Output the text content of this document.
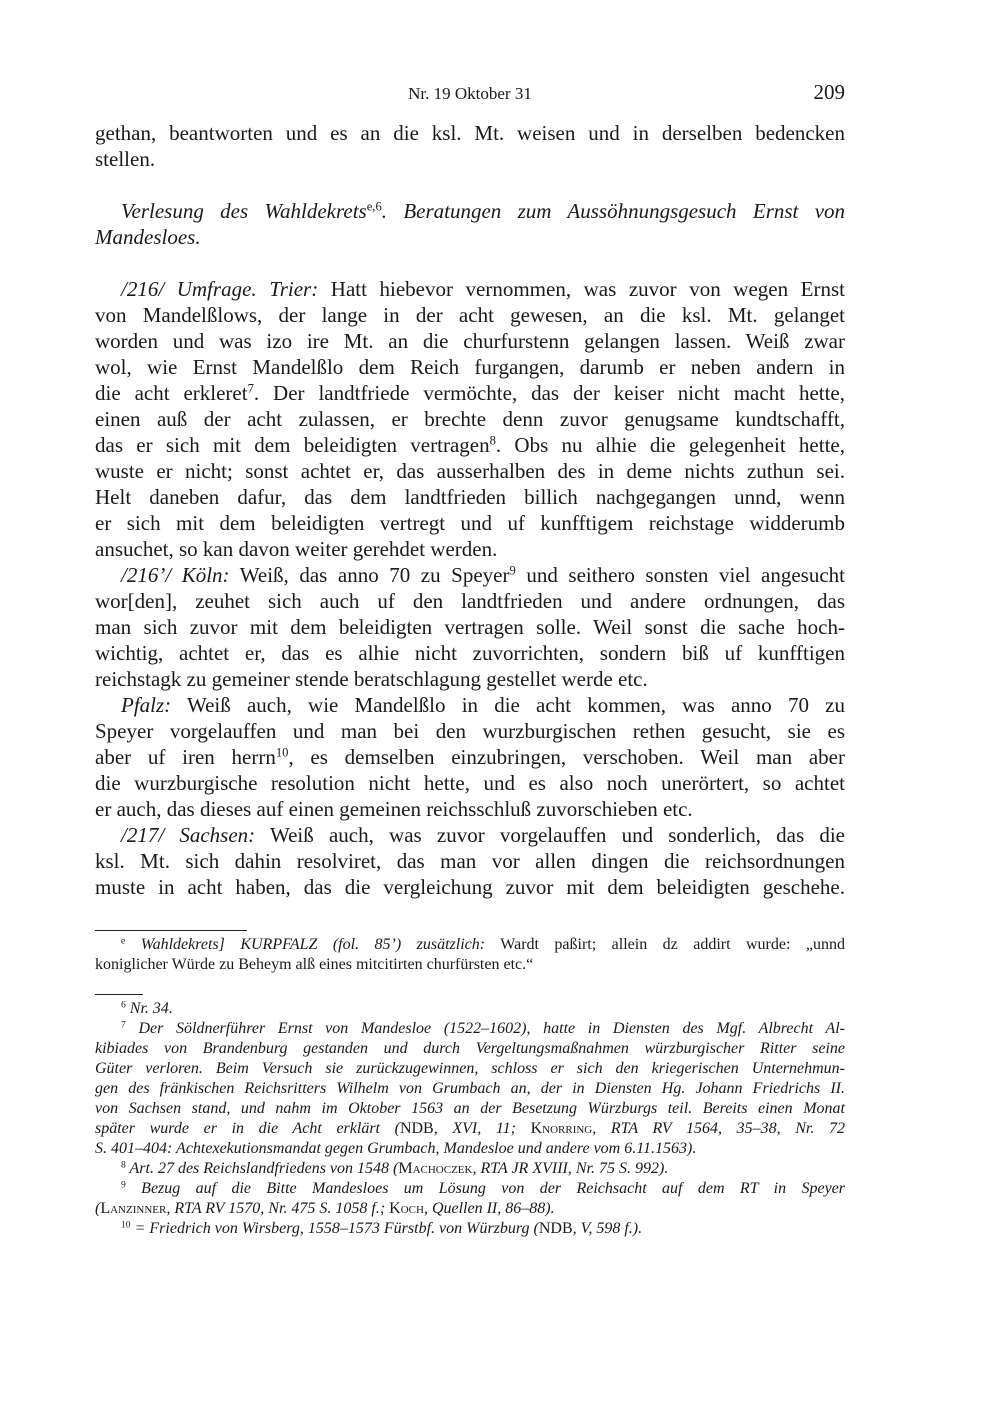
Nr. 19 Oktober 31	209
gethan, beantworten und es an die ksl. Mt. weisen und in derselben bedencken
stellen.
Verlesung des Wahldekrets$^{e,6}$. Beratungen zum Aussöhnungsgesuch Ernst von
Mandesloes.
/216/ Umfrage. Trier: Hatt hiebevor vernommen, was zuvor von wegen Ernst
von Mandelßlows, der lange in der acht gewesen, an die ksl. Mt. gelanget
worden und was izo ire Mt. an die churfurstenn gelangen lassen. Weiß zwar
wol, wie Ernst Mandelßlo dem Reich furgangen, darumb er neben andern in
die acht erkleret$^7$. Der landtfriede vermöchte, das der keiser nicht macht hette,
einen auß der acht zulassen, er brechte denn zuvor genugsame kundtschafft,
das er sich mit dem beleidigten vertragen$^8$. Obs nu alhie die gelegenheit hette,
wuste er nicht; sonst achtet er, das ausserhalben des in deme nichts zuthun sei.
Helt daneben dafur, das dem landtfrieden billich nachgegangen unnd, wenn
er sich mit dem beleidigten vertregt und uf kunfftigem reichstage widderumb
ansuchet, so kan davon weiter gerehdet werden.
/216’/ Köln: Weiß, das anno 70 zu Speyer$^9$ und seithero sonsten viel angesucht
wor[den], zeuhet sich auch uf den landtfrieden und andere ordnungen, das
man sich zuvor mit dem beleidigten vertragen solle. Weil sonst die sache hoch-
wichtig, achtet er, das es alhie nicht zuvorrichten, sondern biß uf kunfftigen
reichstagk zu gemeiner stende beratschlagung gestellet werde etc.
Pfalz: Weiß auch, wie Mandelßlo in die acht kommen, was anno 70 zu
Speyer vorgelauffen und man bei den wurzburgischen rethen gesucht, sie es
aber uf iren herrn$^{10}$, es demselben einzubringen, verschoben. Weil man aber
die wurzburgische resolution nicht hette, und es also noch unerörtert, so achtet
er auch, das dieses auf einen gemeinen reichsschluß zuvorschieben etc.
/217/ Sachsen: Weiß auch, was zuvor vorgelauffen und sonderlich, das die
ksl. Mt. sich dahin resolviret, das man vor allen dingen die reichsordnungen
muste in acht haben, das die vergleichung zuvor mit dem beleidigten geschehe.
$^e$ Wahldekrets] KURPFALZ (fol. 85’) zusätzlich: Wardt paßirt; allein dz addirt wurde: „unnd
koniglicher Würde zu Beheym alß eines mitcitirten churfürsten etc.“
$^6$ Nr. 34.
$^7$ Der Söldnerführer Ernst von Mandesloe (1522–1602), hatte in Diensten des Mgf. Albrecht Al-
kibiades von Brandenburg gestanden und durch Vergeltungsmaßnahmen würzburgischer Ritter seine
Güter verloren. Beim Versuch sie zurückzugewinnen, schloss er sich den kriegerischen Unternehmun-
gen des fränkischen Reichsritters Wilhelm von Grumbach an, der in Diensten Hg. Johann Friedrichs II.
von Sachsen stand, und nahm im Oktober 1563 an der Besetzung Würzburgs teil. Bereits einen Monat
später wurde er in die Acht erklärt (NDB, XVI, 11; Knorring, RTA RV 1564, 35–38, Nr. 72
S. 401–404: Achtexekutionsmandat gegen Grumbach, Mandesloe und andere vom 6.11.1563).
$^8$ Art. 27 des Reichslandfriedens von 1548 (Machoczek, RTA JR XVIII, Nr. 75 S. 992).
$^9$ Bezug auf die Bitte Mandesloes um Lösung von der Reichsacht auf dem RT in Speyer
(Lanzinner, RTA RV 1570, Nr. 475 S. 1058 f.; Koch, Quellen II, 86–88).
$^{10}$ = Friedrich von Wirsberg, 1558–1573 Fürstbf. von Würzburg (NDB, V, 598 f.).
